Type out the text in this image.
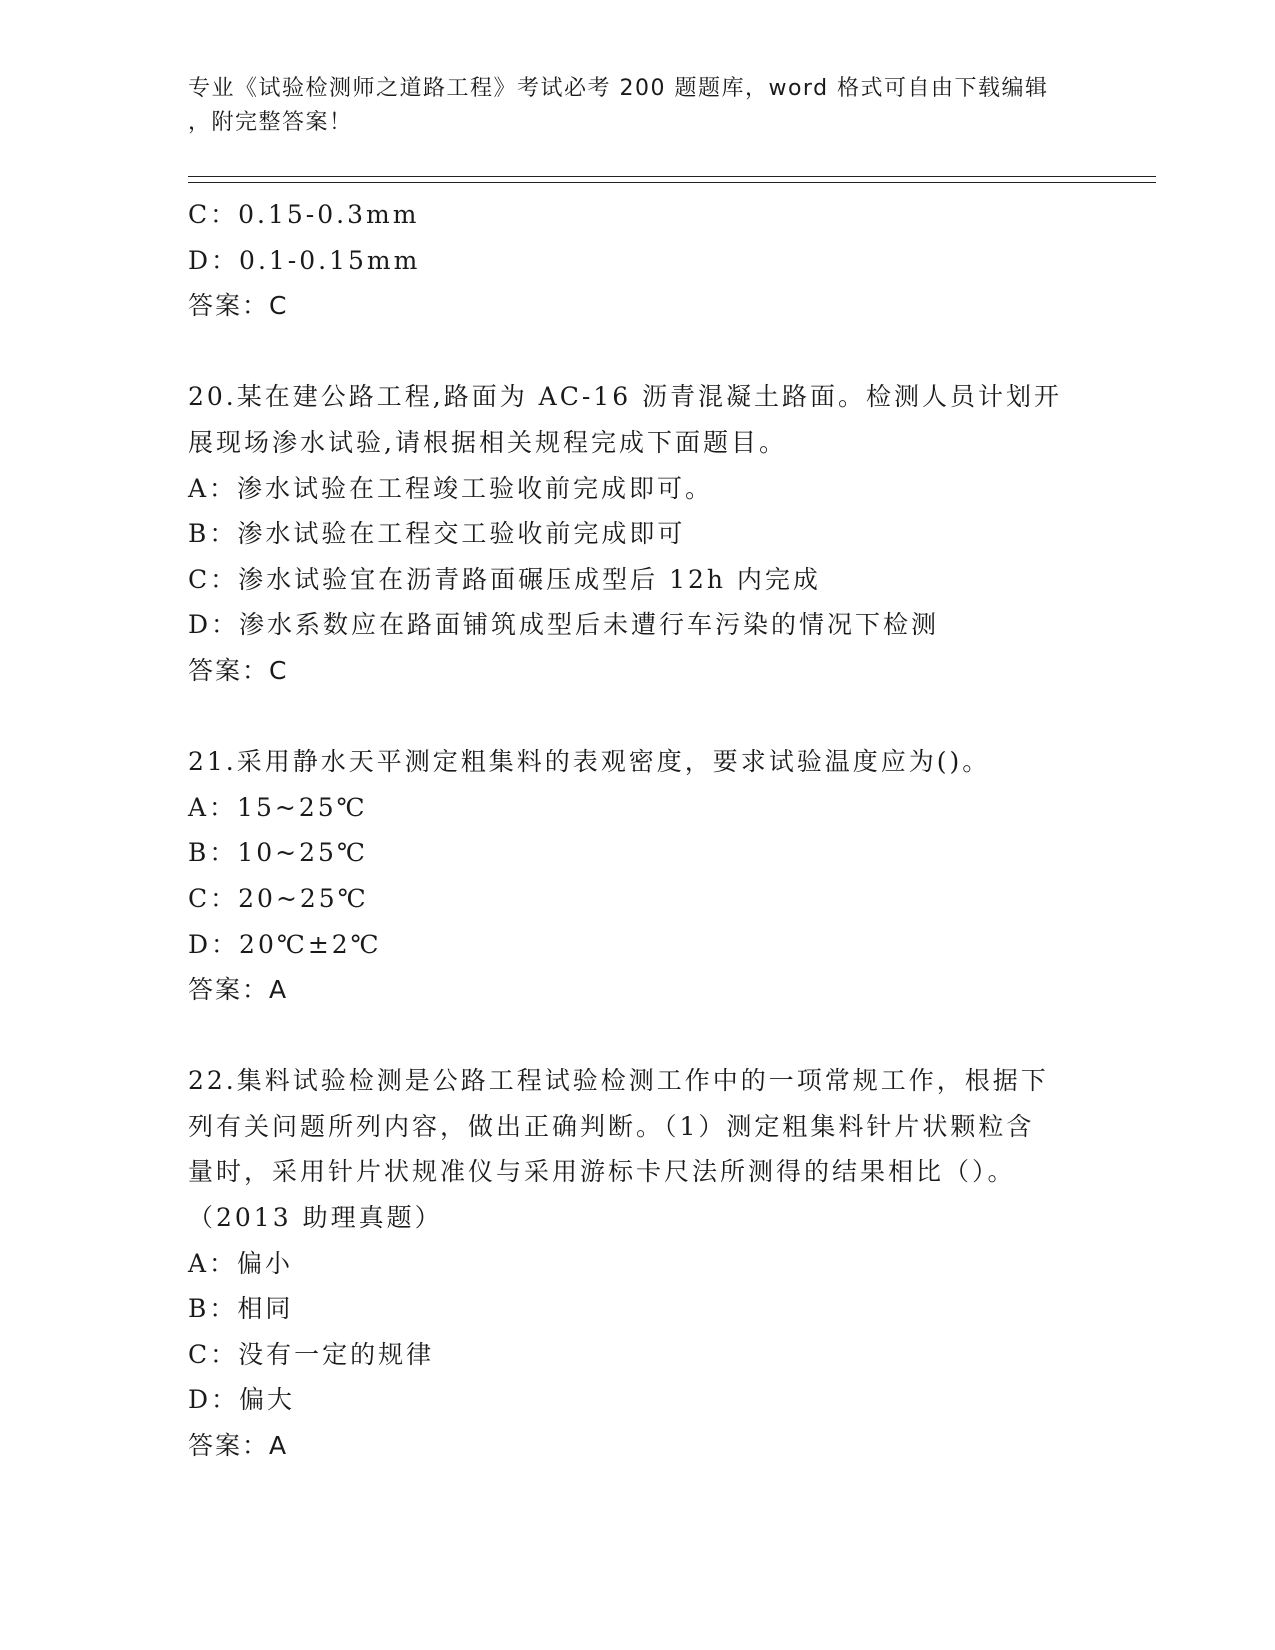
专业《试验检测师之道路工程》考试必考 200 题题库，word 格式可自由下载编辑
，附完整答案！
C：0.15-0.3mm
D：0.1-0.15mm
答案：C
20.某在建公路工程,路面为 AC-16 沥青混凝土路面。检测人员计划开
展现场渗水试验,请根据相关规程完成下面题目。
A：渗水试验在工程竣工验收前完成即可。
B：渗水试验在工程交工验收前完成即可
C：渗水试验宜在沥青路面碾压成型后 12h 内完成
D：渗水系数应在路面铺筑成型后未遭行车污染的情况下检测
答案：C
21.采用静水天平测定粗集料的表观密度，要求试验温度应为()。
A：15~25℃
B：10~25℃
C：20~25℃
D：20℃±2℃
答案：A
22.集料试验检测是公路工程试验检测工作中的一项常规工作，根据下
列有关问题所列内容，做出正确判断。（1）测定粗集料针片状颗粒含
量时，采用针片状规准仪与采用游标卡尺法所测得的结果相比（）。
（2013 助理真题）
A：偏小
B：相同
C：没有一定的规律
D：偏大
答案：A
